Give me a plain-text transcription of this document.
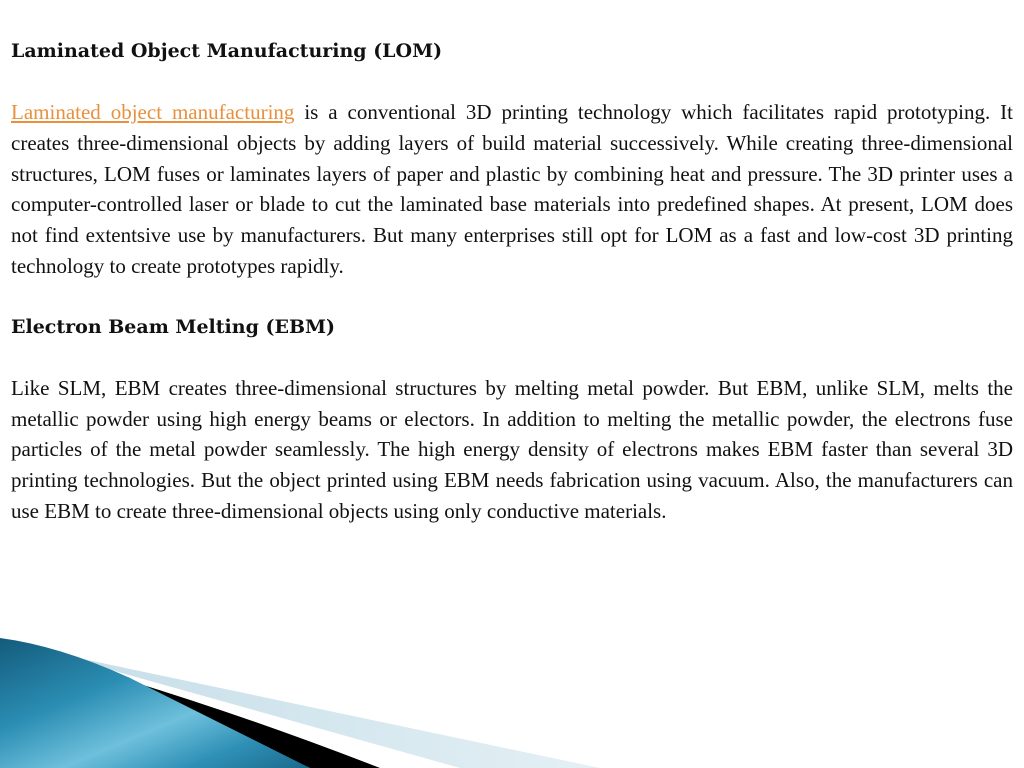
Laminated Object Manufacturing (LOM)

Laminated object manufacturing is a conventional 3D printing technology which facilitates rapid prototyping. It creates three-dimensional objects by adding layers of build material successively. While creating three-dimensional structures, LOM fuses or laminates layers of paper and plastic by combining heat and pressure. The 3D printer uses a computer-controlled laser or blade to cut the laminated base materials into predefined shapes. At present, LOM does not find extentsive use by manufacturers. But many enterprises still opt for LOM as a fast and low-cost 3D printing technology to create prototypes rapidly.

Electron Beam Melting (EBM)

Like SLM, EBM creates three-dimensional structures by melting metal powder. But EBM, unlike SLM, melts the metallic powder using high energy beams or electors. In addition to melting the metallic powder, the electrons fuse particles of the metal powder seamlessly. The high energy density of electrons makes EBM faster than several 3D printing technologies. But the object printed using EBM needs fabrication using vacuum. Also, the manufacturers can use EBM to create three-dimensional objects using only conductive materials.
